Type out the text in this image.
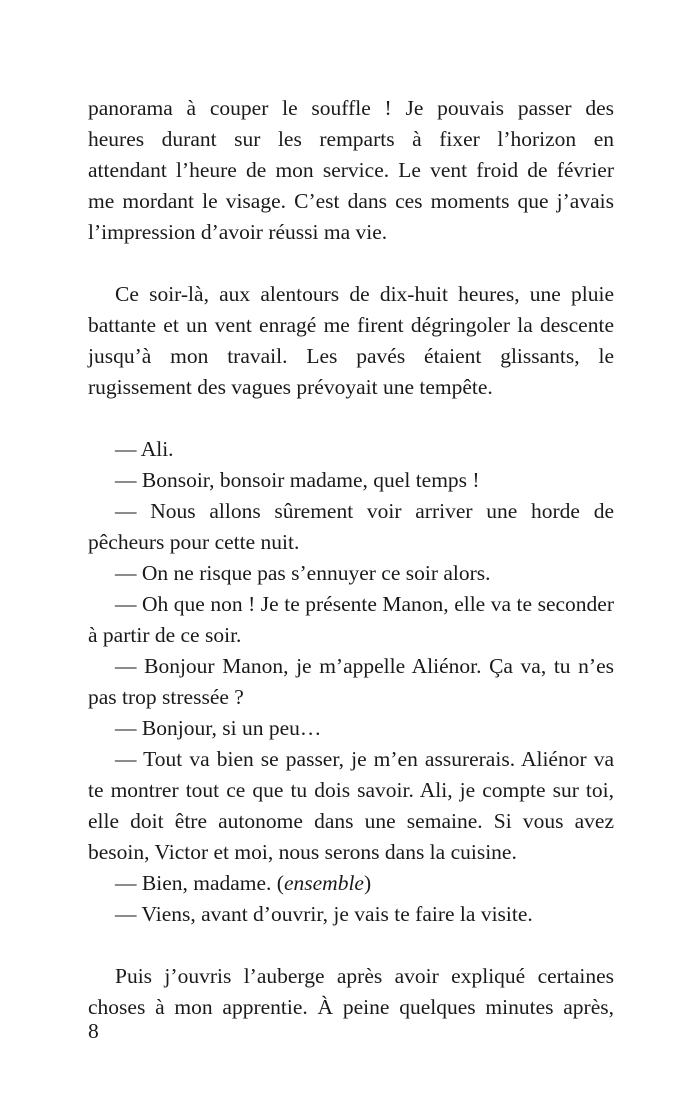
panorama à couper le souffle ! Je pouvais passer des
heures durant sur les remparts à fixer l’horizon en
attendant l’heure de mon service. Le vent froid de février
me mordant le visage. C’est dans ces moments que j’avais
l’impression d’avoir réussi ma vie.
Ce soir-là, aux alentours de dix-huit heures, une pluie
battante et un vent enragé me firent dégringoler la descente
jusqu’à mon travail. Les pavés étaient glissants, le
rugissement des vagues prévoyait une tempête.
— Ali.
— Bonsoir, bonsoir madame, quel temps !
— Nous allons sûrement voir arriver une horde de
pêcheurs pour cette nuit.
— On ne risque pas s’ennuyer ce soir alors.
— Oh que non ! Je te présente Manon, elle va te seconder
à partir de ce soir.
— Bonjour Manon, je m’appelle Aliénor. Ça va, tu n’es
pas trop stressée ?
— Bonjour, si un peu…
— Tout va bien se passer, je m’en assurerais. Aliénor va
te montrer tout ce que tu dois savoir. Ali, je compte sur toi,
elle doit être autonome dans une semaine. Si vous avez
besoin, Victor et moi, nous serons dans la cuisine.
— Bien, madame. (ensemble)
— Viens, avant d’ouvrir, je vais te faire la visite.
Puis j’ouvris l’auberge après avoir expliqué certaines
choses à mon apprentie. À peine quelques minutes après,
8
